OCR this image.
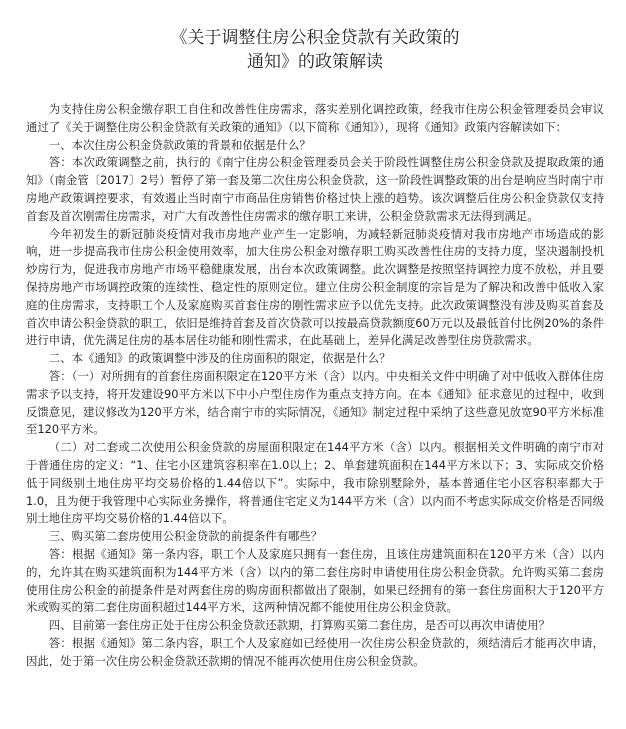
《关于调整住房公积金贷款有关政策的
通知》的政策解读

为支持住房公积金缴存职工自住和改善性住房需求，落实差别化调控政策，经我市住房公积金管理委员会审议通过了《关于调整住房公积金贷款有关政策的通知》（以下简称《通知》），现将《通知》政策内容解读如下：

一、本次住房公积金贷款政策的背景和依据是什么？

答：本次政策调整之前，执行的《南宁住房公积金管理委员会关于阶段性调整住房公积金贷款及提取政策的通知》（南金管〔2017〕2号）暂停了第一套及第二次住房公积金贷款，这一阶段性调整政策的出台是响应当时南宁市房地产政策调控要求，有效遏止当时南宁市商品住房销售价格过快上涨的趋势。该次调整后住房公积金贷款仅支持首套及首次刚需住房需求，对广大有改善性住房需求的缴存职工来讲，公积金贷款需求无法得到满足。

今年初发生的新冠肺炎疫情对我市房地产业产生一定影响，为减轻新冠肺炎疫情对我市房地产市场造成的影响，进一步提高我市住房公积金使用效率，加大住房公积金对缴存职工购买改善性住房的支持力度，坚决遏制投机炒房行为，促进我市房地产市场平稳健康发展，出台本次政策调整。此次调整是按照坚持调控力度不放松，并且要保持房地产市场调控政策的连续性、稳定性的原则定位。建立住房公积金制度的宗旨是为了解决和改善中低收入家庭的住房需求，支持职工个人及家庭购买首套住房的刚性需求应予以优先支持。此次政策调整没有涉及购买首套及首次申请公积金贷款的职工，依旧是维持首套及首次贷款可以按最高贷款额度60万元以及最低首付比例20%的条件进行申请，优先满足住房的基本居住功能和刚性需求，在此基础上，差异化满足改善型住房贷款需求。

二、本《通知》的政策调整中涉及的住房面积的限定，依据是什么？

答：（一）对所拥有的首套住房面积限定在120平方米（含）以内。中央相关文件中明确了对中低收入群体住房需求予以支持，将开发建设90平方米以下中小户型住房作为重点支持方向。在本《通知》征求意见的过程中，收到反馈意见，建议修改为120平方米，结合南宁市的实际情况，《通知》制定过程中采纳了这些意见放宽90平方米标准至120平方米。

（二）对二套或二次使用公积金贷款的房屋面积限定在144平方米（含）以内。根据相关文件明确的南宁市对于普通住房的定义：“1、住宅小区建筑容积率在1.0以上；2、单套建筑面积在144平方米以下；3、实际成交价格低于同级别土地住房平均交易价格的1.44倍以下”。实际中，我市除别墅除外，基本普通住宅小区容积率都大于1.0，且为便于我管理中心实际业务操作，将普通住宅定义为144平方米（含）以内而不考虑实际成交价格是否同级别土地住房平均交易价格的1.44倍以下。

三、购买第二套房使用公积金贷款的前提条件有哪些？

答：根据《通知》第一条内容，职工个人及家庭只拥有一套住房，且该住房建筑面积在120平方米（含）以内的，允许其在购买建筑面积为144平方米（含）以内的第二套住房时申请使用住房公积金贷款。允许购买第二套房使用住房公积金的前提条件是对两套住房的购房面积都做出了限制，如果已经拥有的第一套住房面积大于120平方米或购买的第二套住房面积超过144平方米，这两种情况都不能使用住房公积金贷款。

四、目前第一套住房正处于住房公积金贷款还款期，打算购买第二套住房，是否可以再次申请使用？

答：根据《通知》第二条内容，职工个人及家庭如已经使用一次住房公积金贷款的，须结清后才能再次申请，因此，处于第一次住房公积金贷款还款期的情况不能再次使用住房公积金贷款。
